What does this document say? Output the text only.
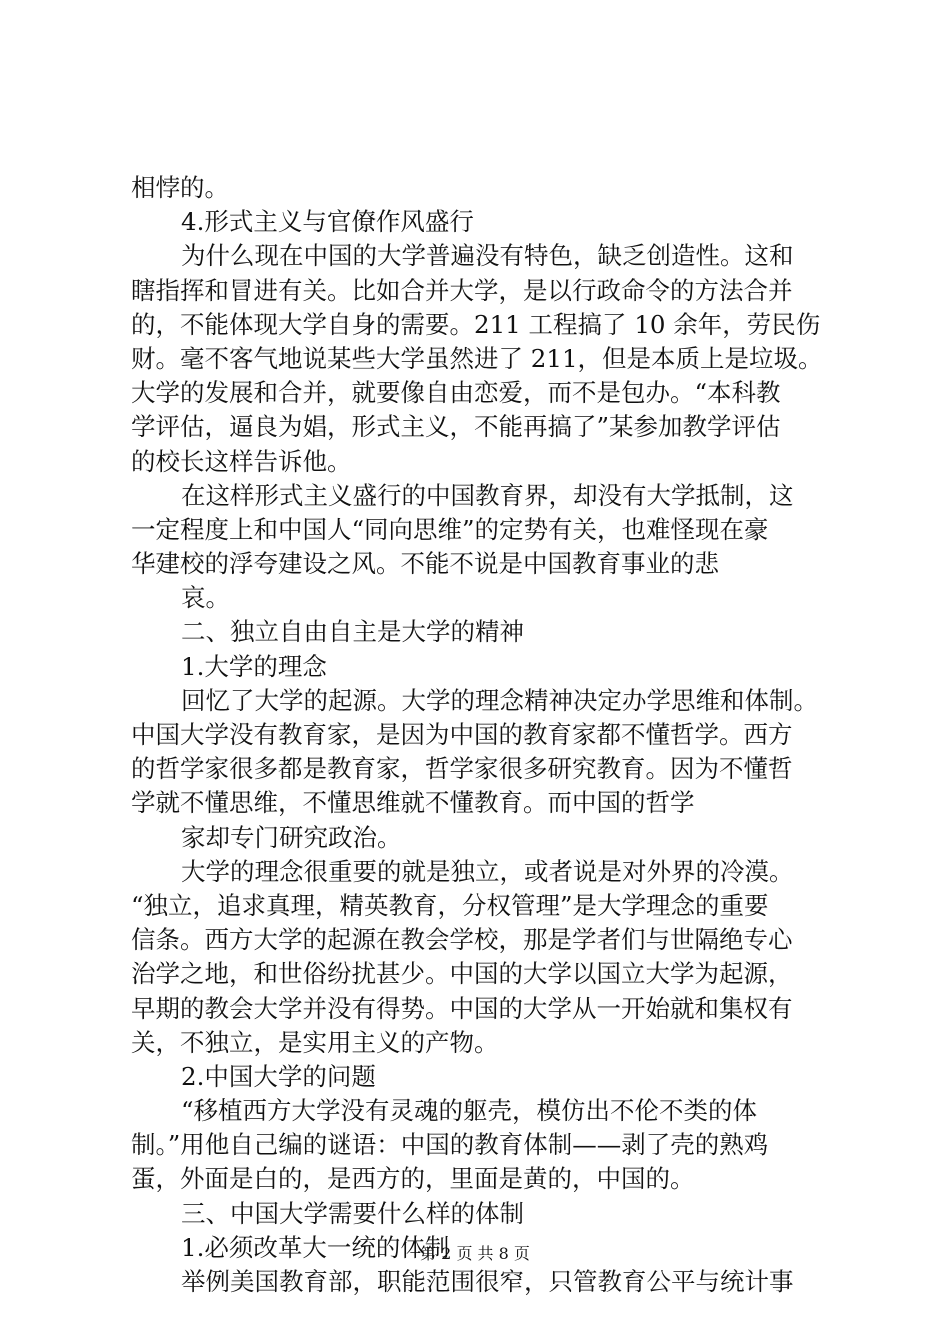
相悖的。
4.形式主义与官僚作风盛行
为什么现在中国的大学普遍没有特色，缺乏创造性。这和
瞎指挥和冒进有关。比如合并大学，是以行政命令的方法合并
的，不能体现大学自身的需要。211 工程搞了 10 余年，劳民伤
财。毫不客气地说某些大学虽然进了 211，但是本质上是垃圾。
大学的发展和合并，就要像自由恋爱，而不是包办。“本科教
学评估，逼良为娼，形式主义，不能再搞了”某参加教学评估
的校长这样告诉他。
在这样形式主义盛行的中国教育界，却没有大学抵制，这
一定程度上和中国人“同向思维”的定势有关，也难怪现在豪
华建校的浮夸建设之风。不能不说是中国教育事业的悲
哀。
二、独立自由自主是大学的精神
1.大学的理念
回忆了大学的起源。大学的理念精神决定办学思维和体制。
中国大学没有教育家，是因为中国的教育家都不懂哲学。西方
的哲学家很多都是教育家，哲学家很多研究教育。因为不懂哲
学就不懂思维，不懂思维就不懂教育。而中国的哲学
家却专门研究政治。
大学的理念很重要的就是独立，或者说是对外界的冷漠。
“独立，追求真理，精英教育，分权管理”是大学理念的重要
信条。西方大学的起源在教会学校，那是学者们与世隔绝专心
治学之地，和世俗纷扰甚少。中国的大学以国立大学为起源，
早期的教会大学并没有得势。中国的大学从一开始就和集权有
关，不独立，是实用主义的产物。
2.中国大学的问题
“移植西方大学没有灵魂的躯壳，模仿出不伦不类的体
制。”用他自己编的谜语：中国的教育体制——剥了壳的熟鸡
蛋，外面是白的，是西方的，里面是黄的，中国的。
三、中国大学需要什么样的体制
1.必须改革大一统的体制
举例美国教育部，职能范围很窄，只管教育公平与统计事
第 2 页 共 8 页
